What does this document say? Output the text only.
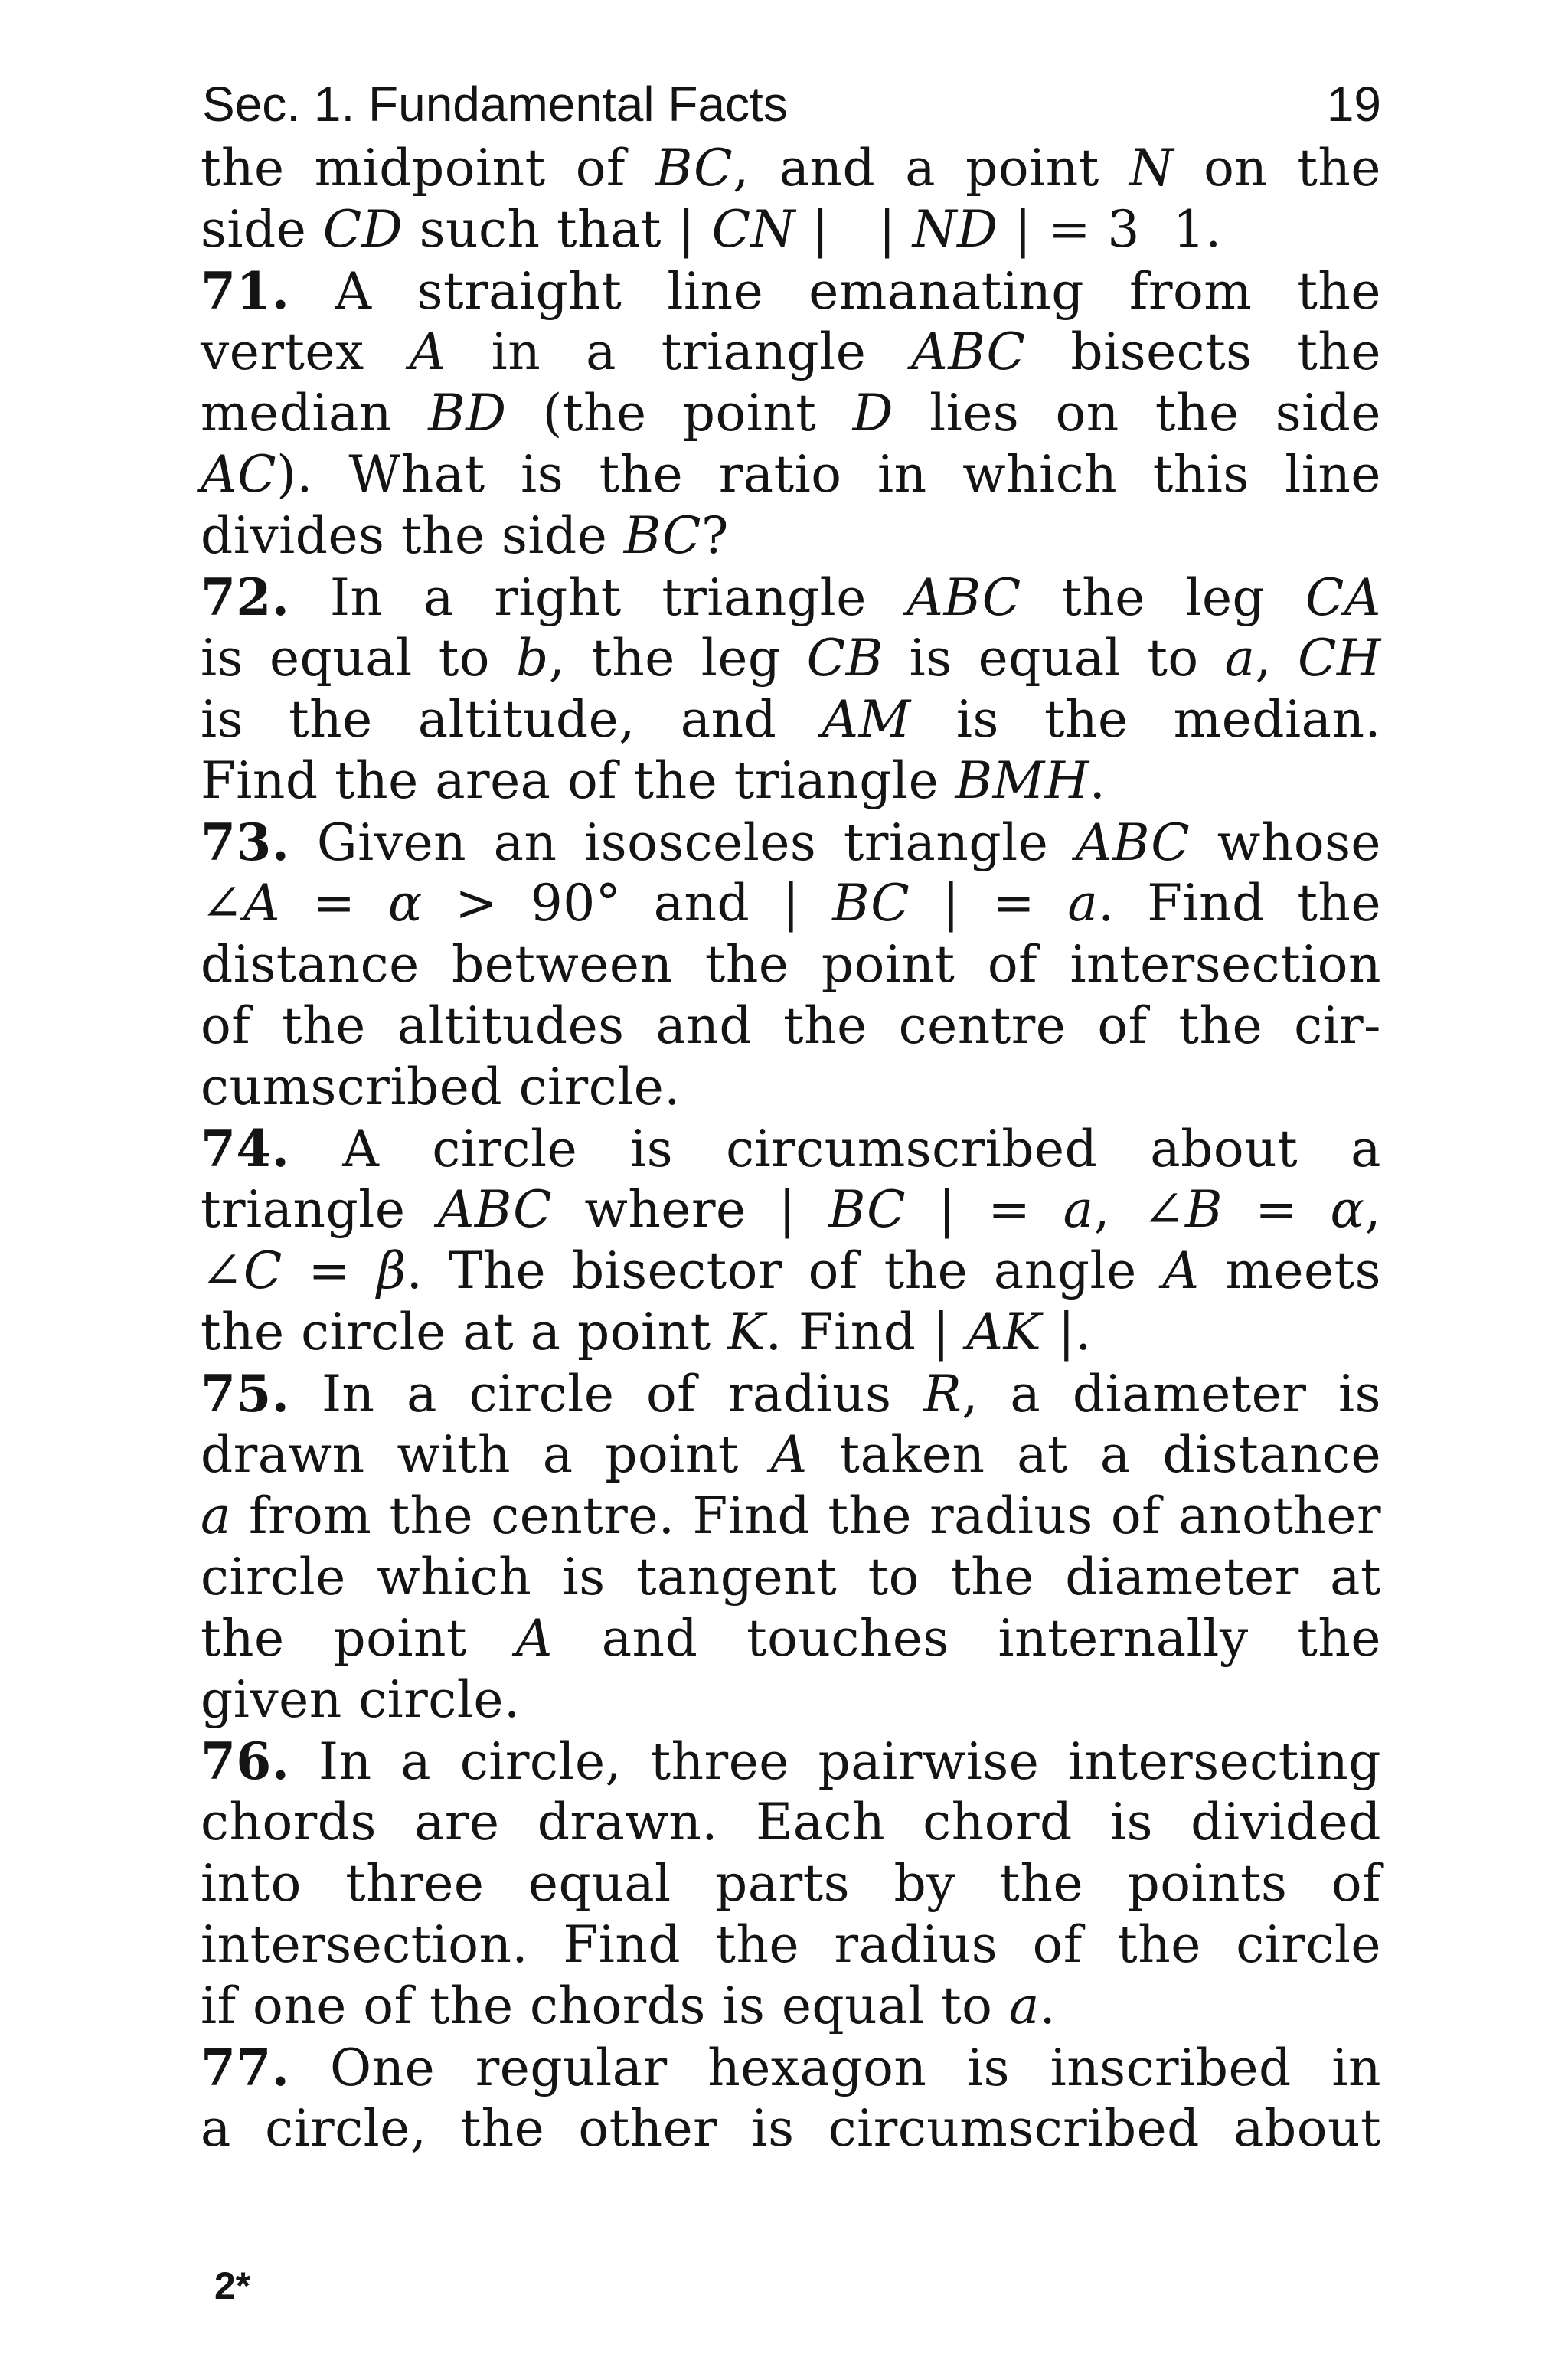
Sec. 1. Fundamental Facts	19
the midpoint of BC, and a point N on the
side CD such that | CN |   | ND | = 3  1.
71. A straight line emanating from the
vertex A in a triangle ABC bisects the
median BD (the point D lies on the side
AC). What is the ratio in which this line
divides the side BC?
72. In a right triangle ABC the leg CA
is equal to b, the leg CB is equal to a, CH
is the altitude, and AM is the median.
Find the area of the triangle BMH.
73. Given an isosceles triangle ABC whose
∠A = α > 90° and | BC | = a. Find the
distance between the point of intersection
of the altitudes and the centre of the cir-
cumscribed circle.
74. A circle is circumscribed about a
triangle ABC where | BC | = a, ∠B = α,
∠C = β. The bisector of the angle A meets
the circle at a point K. Find | AK |.
75. In a circle of radius R, a diameter is
drawn with a point A taken at a distance
a from the centre. Find the radius of another
circle which is tangent to the diameter at
the point A and touches internally the
given circle.
76. In a circle, three pairwise intersecting
chords are drawn. Each chord is divided
into three equal parts by the points of
intersection. Find the radius of the circle
if one of the chords is equal to a.
77. One regular hexagon is inscribed in
a circle, the other is circumscribed about
2*
